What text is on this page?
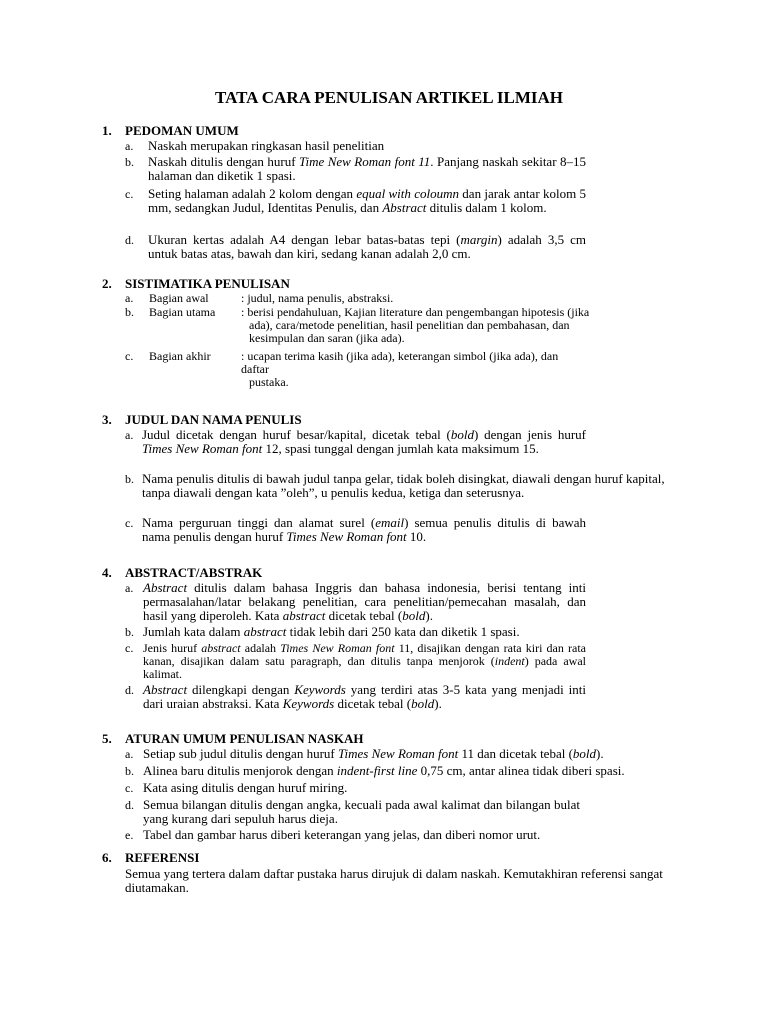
TATA CARA PENULISAN ARTIKEL ILMIAH
1. PEDOMAN UMUM
a. Naskah merupakan ringkasan hasil penelitian
b. Naskah ditulis dengan huruf Time New Roman font 11. Panjang naskah sekitar 8–15 halaman dan diketik 1 spasi.
c. Seting halaman adalah 2 kolom dengan equal with coloumn dan jarak antar kolom 5 mm, sedangkan Judul, Identitas Penulis, dan Abstract ditulis dalam 1 kolom.
d. Ukuran kertas adalah A4 dengan lebar batas-batas tepi (margin) adalah 3,5 cm untuk batas atas, bawah dan kiri, sedang kanan adalah 2,0 cm.
2. SISTIMATIKA PENULISAN
a. Bagian awal	: judul, nama penulis, abstraksi.
b. Bagian utama : berisi pendahuluan, Kajian literature dan pengembangan hipotesis (jika
ada), cara/metode penelitian, hasil penelitian dan pembahasan, dan
kesimpulan dan saran (jika ada).
c. Bagian akhir	: ucapan terima kasih (jika ada), keterangan simbol (jika ada), dan
daftar
pustaka.
3. JUDUL DAN NAMA PENULIS
a. Judul dicetak dengan huruf besar/kapital, dicetak tebal (bold) dengan jenis huruf Times New Roman font 12, spasi tunggal dengan jumlah kata maksimum 15.
b. Nama penulis ditulis di bawah judul tanpa gelar, tidak boleh disingkat, diawali dengan huruf kapital,
tanpa diawali dengan kata ”oleh”, u penulis kedua, ketiga dan seterusnya.
c. Nama perguruan tinggi dan alamat surel (email) semua penulis ditulis di bawah nama penulis dengan huruf Times New Roman font 10.
4. ABSTRACT/ABSTRAK
a. Abstract ditulis dalam bahasa Inggris dan bahasa indonesia, berisi tentang inti permasalahan/latar belakang penelitian, cara penelitian/pemecahan masalah, dan hasil yang diperoleh. Kata abstract dicetak tebal (bold).
b. Jumlah kata dalam abstract tidak lebih dari 250 kata dan diketik 1 spasi.
c. Jenis huruf abstract adalah Times New Roman font 11, disajikan dengan rata kiri dan rata kanan, disajikan dalam satu paragraph, dan ditulis tanpa menjorok (indent) pada awal kalimat.
d. Abstract dilengkapi dengan Keywords yang terdiri atas 3-5 kata yang menjadi inti dari uraian abstraksi. Kata Keywords dicetak tebal (bold).
5. ATURAN UMUM PENULISAN NASKAH
a. Setiap sub judul ditulis dengan huruf Times New Roman font 11 dan dicetak tebal (bold).
b. Alinea baru ditulis menjorok dengan indent-first line 0,75 cm, antar alinea tidak diberi spasi.
c. Kata asing ditulis dengan huruf miring.
d. Semua bilangan ditulis dengan angka, kecuali pada awal kalimat dan bilangan bulat yang kurang dari sepuluh harus dieja.
e. Tabel dan gambar harus diberi keterangan yang jelas, dan diberi nomor urut.
6. REFERENSI
Semua yang tertera dalam daftar pustaka harus dirujuk di dalam naskah. Kemutakhiran referensi sangat diutamakan.
